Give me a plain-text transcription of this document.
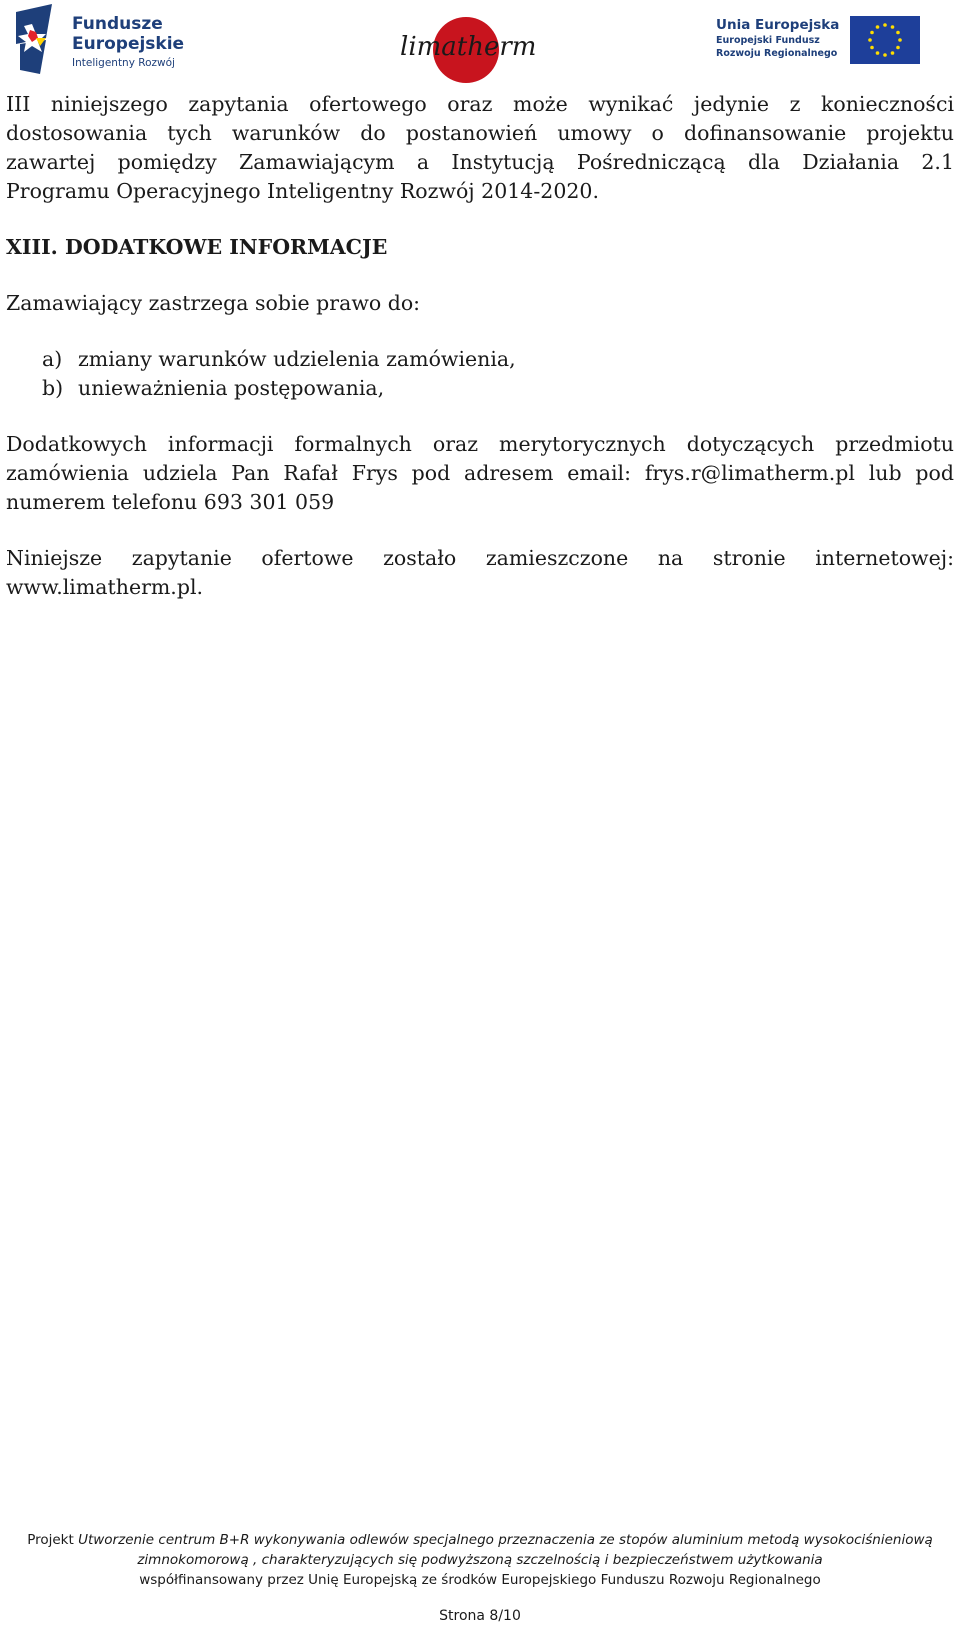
Fundusze
Europejskie
Inteligentny Rozwój
limatherm
Unia Europejska
Europejski Fundusz
Rozwoju Regionalnego

III niniejszego zapytania ofertowego oraz może wynikać jedynie z konieczności

dostosowania tych warunków do postanowień umowy o dofinansowanie projektu

zawartej pomiędzy Zamawiającym a Instytucją Pośredniczącą dla Działania 2.1

Programu Operacyjnego Inteligentny Rozwój 2014-2020.

XIII. DODATKOWE INFORMACJE

Zamawiający zastrzega sobie prawo do:

a) zmiany warunków udzielenia zamówienia,
b) unieważnienia postępowania,

Dodatkowych informacji formalnych oraz merytorycznych dotyczących przedmiotu

zamówienia udziela Pan Rafał Frys pod adresem email: frys.r@limatherm.pl lub pod

numerem telefonu 693 301 059

Niniejsze zapytanie ofertowe zostało zamieszczone na stronie internetowej:

www.limatherm.pl.

Projekt Utworzenie centrum B+R wykonywania odlewów specjalnego przeznaczenia ze stopów aluminium metodą wysokociśnieniową
zimnokomorową , charakteryzujących się podwyższoną szczelnością i bezpieczeństwem użytkowania
współfinansowany przez Unię Europejską ze środków Europejskiego Funduszu Rozwoju Regionalnego
Strona 8/10
